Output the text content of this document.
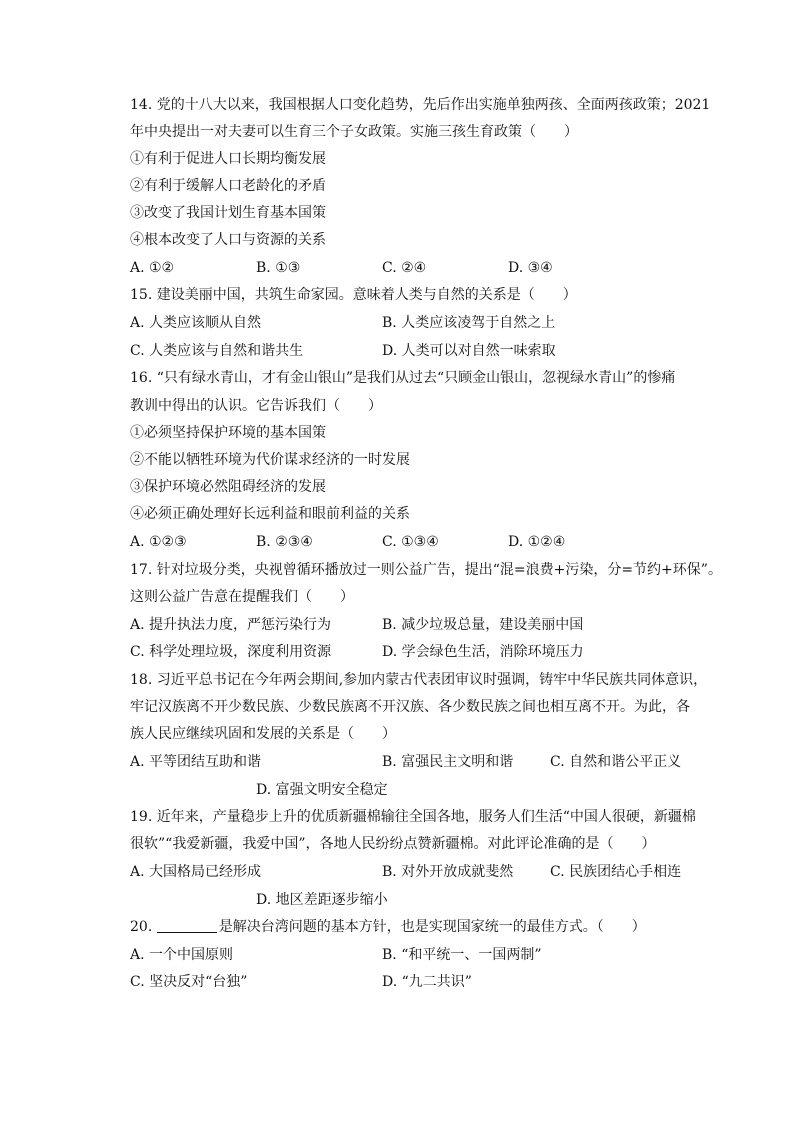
14. 党的十八大以来，我国根据人口变化趋势，先后作出实施单独两孩、全面两孩政策；2021
年中央提出一对夫妻可以生育三个子女政策。实施三孩生育政策（　　）
①有利于促进人口长期均衡发展
②有利于缓解人口老龄化的矛盾
③改变了我国计划生育基本国策
④根本改变了人口与资源的关系
A. ①②	B. ①③	C. ②④	D. ③④
15. 建设美丽中国，共筑生命家园。意味着人类与自然的关系是（　　）
A. 人类应该顺从自然	B. 人类应该凌驾于自然之上
C. 人类应该与自然和谐共生	D. 人类可以对自然一味索取
16. “只有绿水青山，才有金山银山”是我们从过去“只顾金山银山，忽视绿水青山”的惨痛
教训中得出的认识。它告诉我们（　　）
①必须坚持保护环境的基本国策
②不能以牺牲环境为代价谋求经济的一时发展
③保护环境必然阻碍经济的发展
④必须正确处理好长远利益和眼前利益的关系
A. ①②③	B. ②③④	C. ①③④	D. ①②④
17. 针对垃圾分类，央视曾循环播放过一则公益广告，提出“混=浪费+污染，分=节约+环保”。
这则公益广告意在提醒我们（　　）
A. 提升执法力度，严惩污染行为	B. 减少垃圾总量，建设美丽中国
C. 科学处理垃圾，深度利用资源	D. 学会绿色生活，消除环境压力
18. 习近平总书记在今年两会期间,参加内蒙古代表团审议时强调，铸牢中华民族共同体意识，
牢记汉族离不开少数民族、少数民族离不开汉族、各少数民族之间也相互离不开。为此，各
族人民应继续巩固和发展的关系是（　　）
A. 平等团结互助和谐	B. 富强民主文明和谐	C. 自然和谐公平正义
D. 富强文明安全稳定
19. 近年来，产量稳步上升的优质新疆棉输往全国各地，服务人们生活“中国人很硬，新疆棉
很软”“我爱新疆，我爱中国”，各地人民纷纷点赞新疆棉。对此评论准确的是（　　）
A. 大国格局已经形成	B. 对外开放成就斐然	C. 民族团结心手相连
D. 地区差距逐步缩小
20.	是解决台湾问题的基本方针，也是实现国家统一的最佳方式。（　　）
A. 一个中国原则	B. “和平统一、一国两制”
C. 坚决反对“台独”	D. “九二共识”
